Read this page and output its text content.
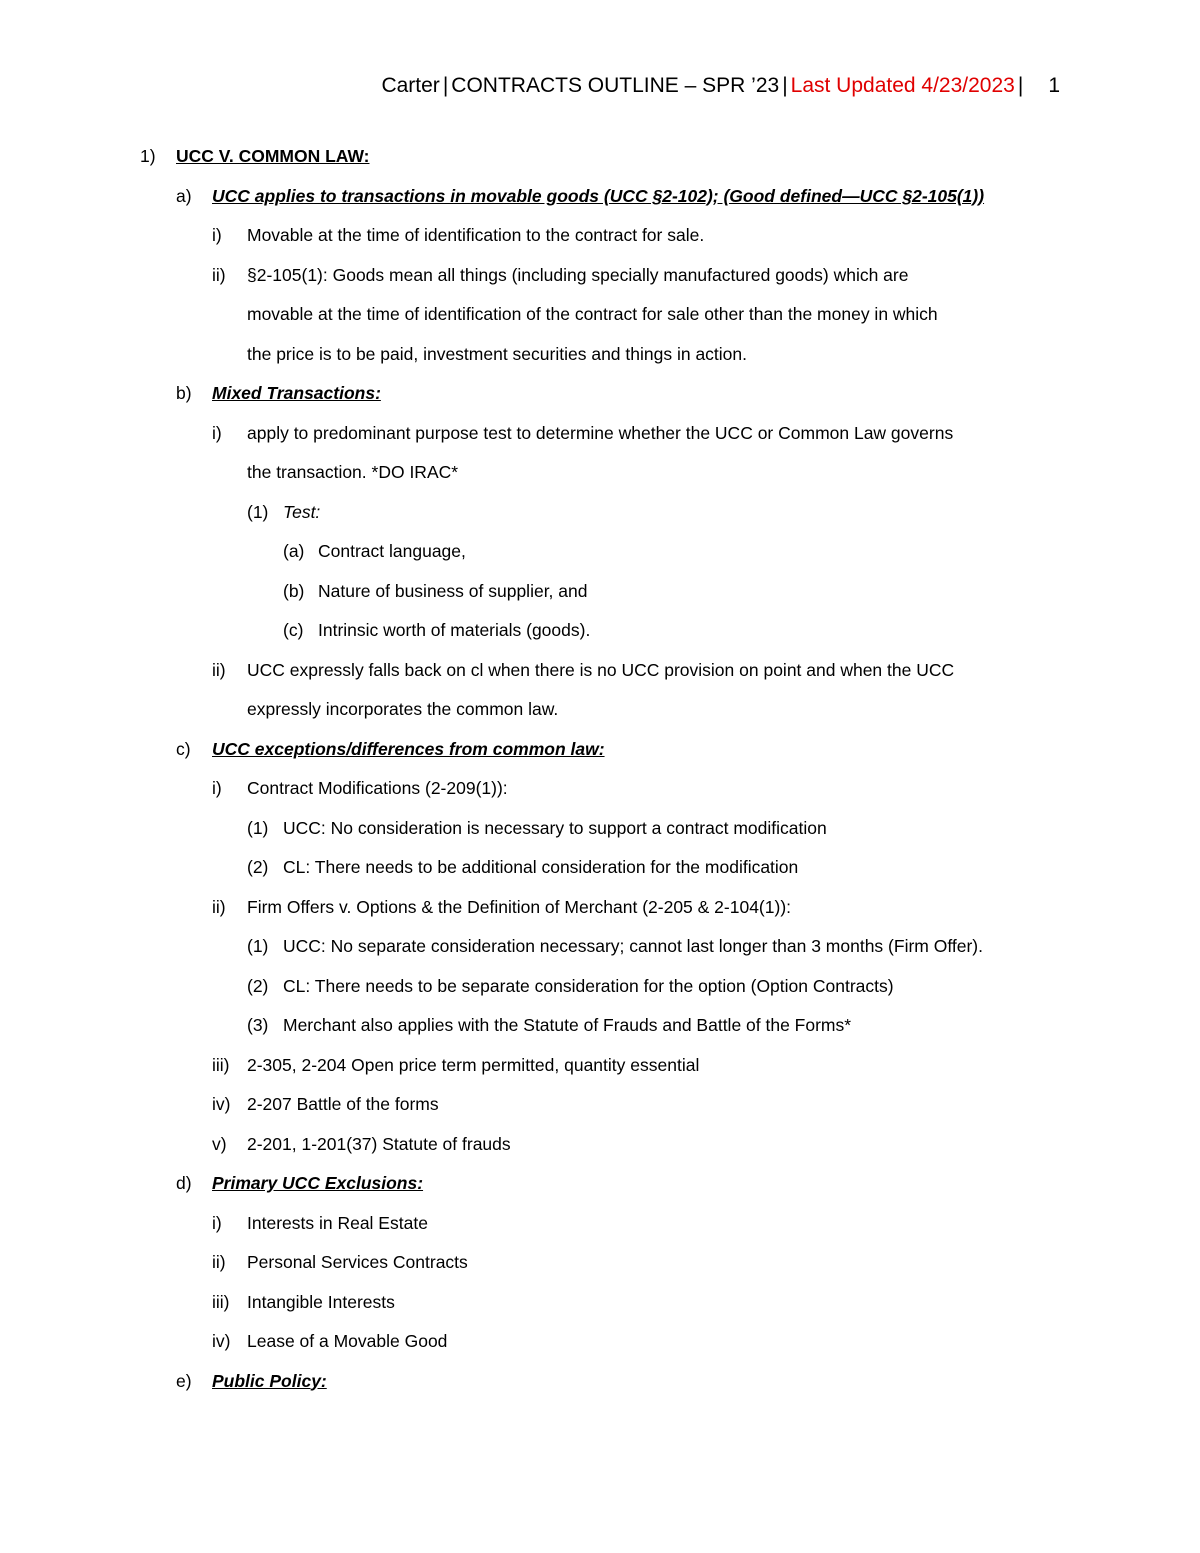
Carter | CONTRACTS OUTLINE – SPR ’23 | Last Updated 4/23/2023 | 1
1) UCC V. COMMON LAW:
a) UCC applies to transactions in movable goods (UCC §2-102); (Good defined—UCC §2-105(1))
i) Movable at the time of identification to the contract for sale.
ii) §2-105(1): Goods mean all things (including specially manufactured goods) which are
movable at the time of identification of the contract for sale other than the money in which
the price is to be paid, investment securities and things in action.
b) Mixed Transactions:
i) apply to predominant purpose test to determine whether the UCC or Common Law governs
the transaction. *DO IRAC*
(1) Test:
(a) Contract language,
(b) Nature of business of supplier, and
(c) Intrinsic worth of materials (goods).
ii) UCC expressly falls back on cl when there is no UCC provision on point and when the UCC
expressly incorporates the common law.
c) UCC exceptions/differences from common law:
i) Contract Modifications (2-209(1)):
(1) UCC: No consideration is necessary to support a contract modification
(2) CL: There needs to be additional consideration for the modification
ii) Firm Offers v. Options & the Definition of Merchant (2-205 & 2-104(1)):
(1) UCC: No separate consideration necessary; cannot last longer than 3 months (Firm Offer).
(2) CL: There needs to be separate consideration for the option (Option Contracts)
(3) Merchant also applies with the Statute of Frauds and Battle of the Forms*
iii) 2-305, 2-204 Open price term permitted, quantity essential
iv) 2-207 Battle of the forms
v) 2-201, 1-201(37) Statute of frauds
d) Primary UCC Exclusions:
i) Interests in Real Estate
ii) Personal Services Contracts
iii) Intangible Interests
iv) Lease of a Movable Good
e) Public Policy:
